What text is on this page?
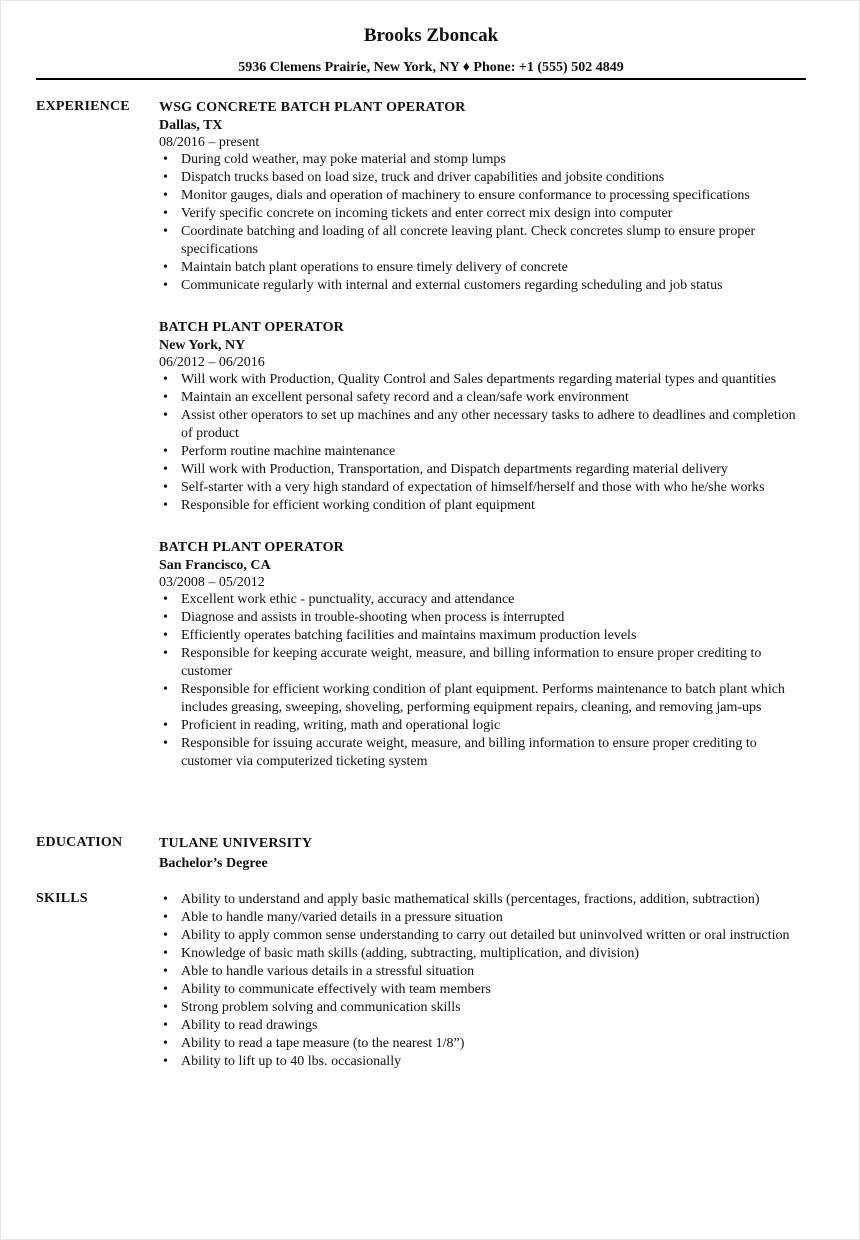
Brooks Zboncak
5936 Clemens Prairie, New York, NY ♦ Phone: +1 (555) 502 4849
EXPERIENCE WSG CONCRETE BATCH PLANT OPERATOR
Dallas, TX
08/2016 – present
• During cold weather, may poke material and stomp lumps
• Dispatch trucks based on load size, truck and driver capabilities and jobsite conditions
• Monitor gauges, dials and operation of machinery to ensure conformance to processing specifications
• Verify specific concrete on incoming tickets and enter correct mix design into computer
• Coordinate batching and loading of all concrete leaving plant. Check concretes slump to ensure proper specifications
• Maintain batch plant operations to ensure timely delivery of concrete
• Communicate regularly with internal and external customers regarding scheduling and job status
BATCH PLANT OPERATOR
New York, NY
06/2012 – 06/2016
• Will work with Production, Quality Control and Sales departments regarding material types and quantities
• Maintain an excellent personal safety record and a clean/safe work environment
• Assist other operators to set up machines and any other necessary tasks to adhere to deadlines and completion of product
• Perform routine machine maintenance
• Will work with Production, Transportation, and Dispatch departments regarding material delivery
• Self-starter with a very high standard of expectation of himself/herself and those with who he/she works
• Responsible for efficient working condition of plant equipment
BATCH PLANT OPERATOR
San Francisco, CA
03/2008 – 05/2012
• Excellent work ethic - punctuality, accuracy and attendance
• Diagnose and assists in trouble-shooting when process is interrupted
• Efficiently operates batching facilities and maintains maximum production levels
• Responsible for keeping accurate weight, measure, and billing information to ensure proper crediting to customer
• Responsible for efficient working condition of plant equipment. Performs maintenance to batch plant which includes greasing, sweeping, shoveling, performing equipment repairs, cleaning, and removing jam-ups
• Proficient in reading, writing, math and operational logic
• Responsible for issuing accurate weight, measure, and billing information to ensure proper crediting to customer via computerized ticketing system
EDUCATION	TULANE UNIVERSITY
Bachelor’s Degree
SKILLS	• Ability to understand and apply basic mathematical skills (percentages, fractions, addition, subtraction)
• Able to handle many/varied details in a pressure situation
• Ability to apply common sense understanding to carry out detailed but uninvolved written or oral instruction
• Knowledge of basic math skills (adding, subtracting, multiplication, and division)
• Able to handle various details in a stressful situation
• Ability to communicate effectively with team members
• Strong problem solving and communication skills
• Ability to read drawings
• Ability to read a tape measure (to the nearest 1/8”)
• Ability to lift up to 40 lbs. occasionally
